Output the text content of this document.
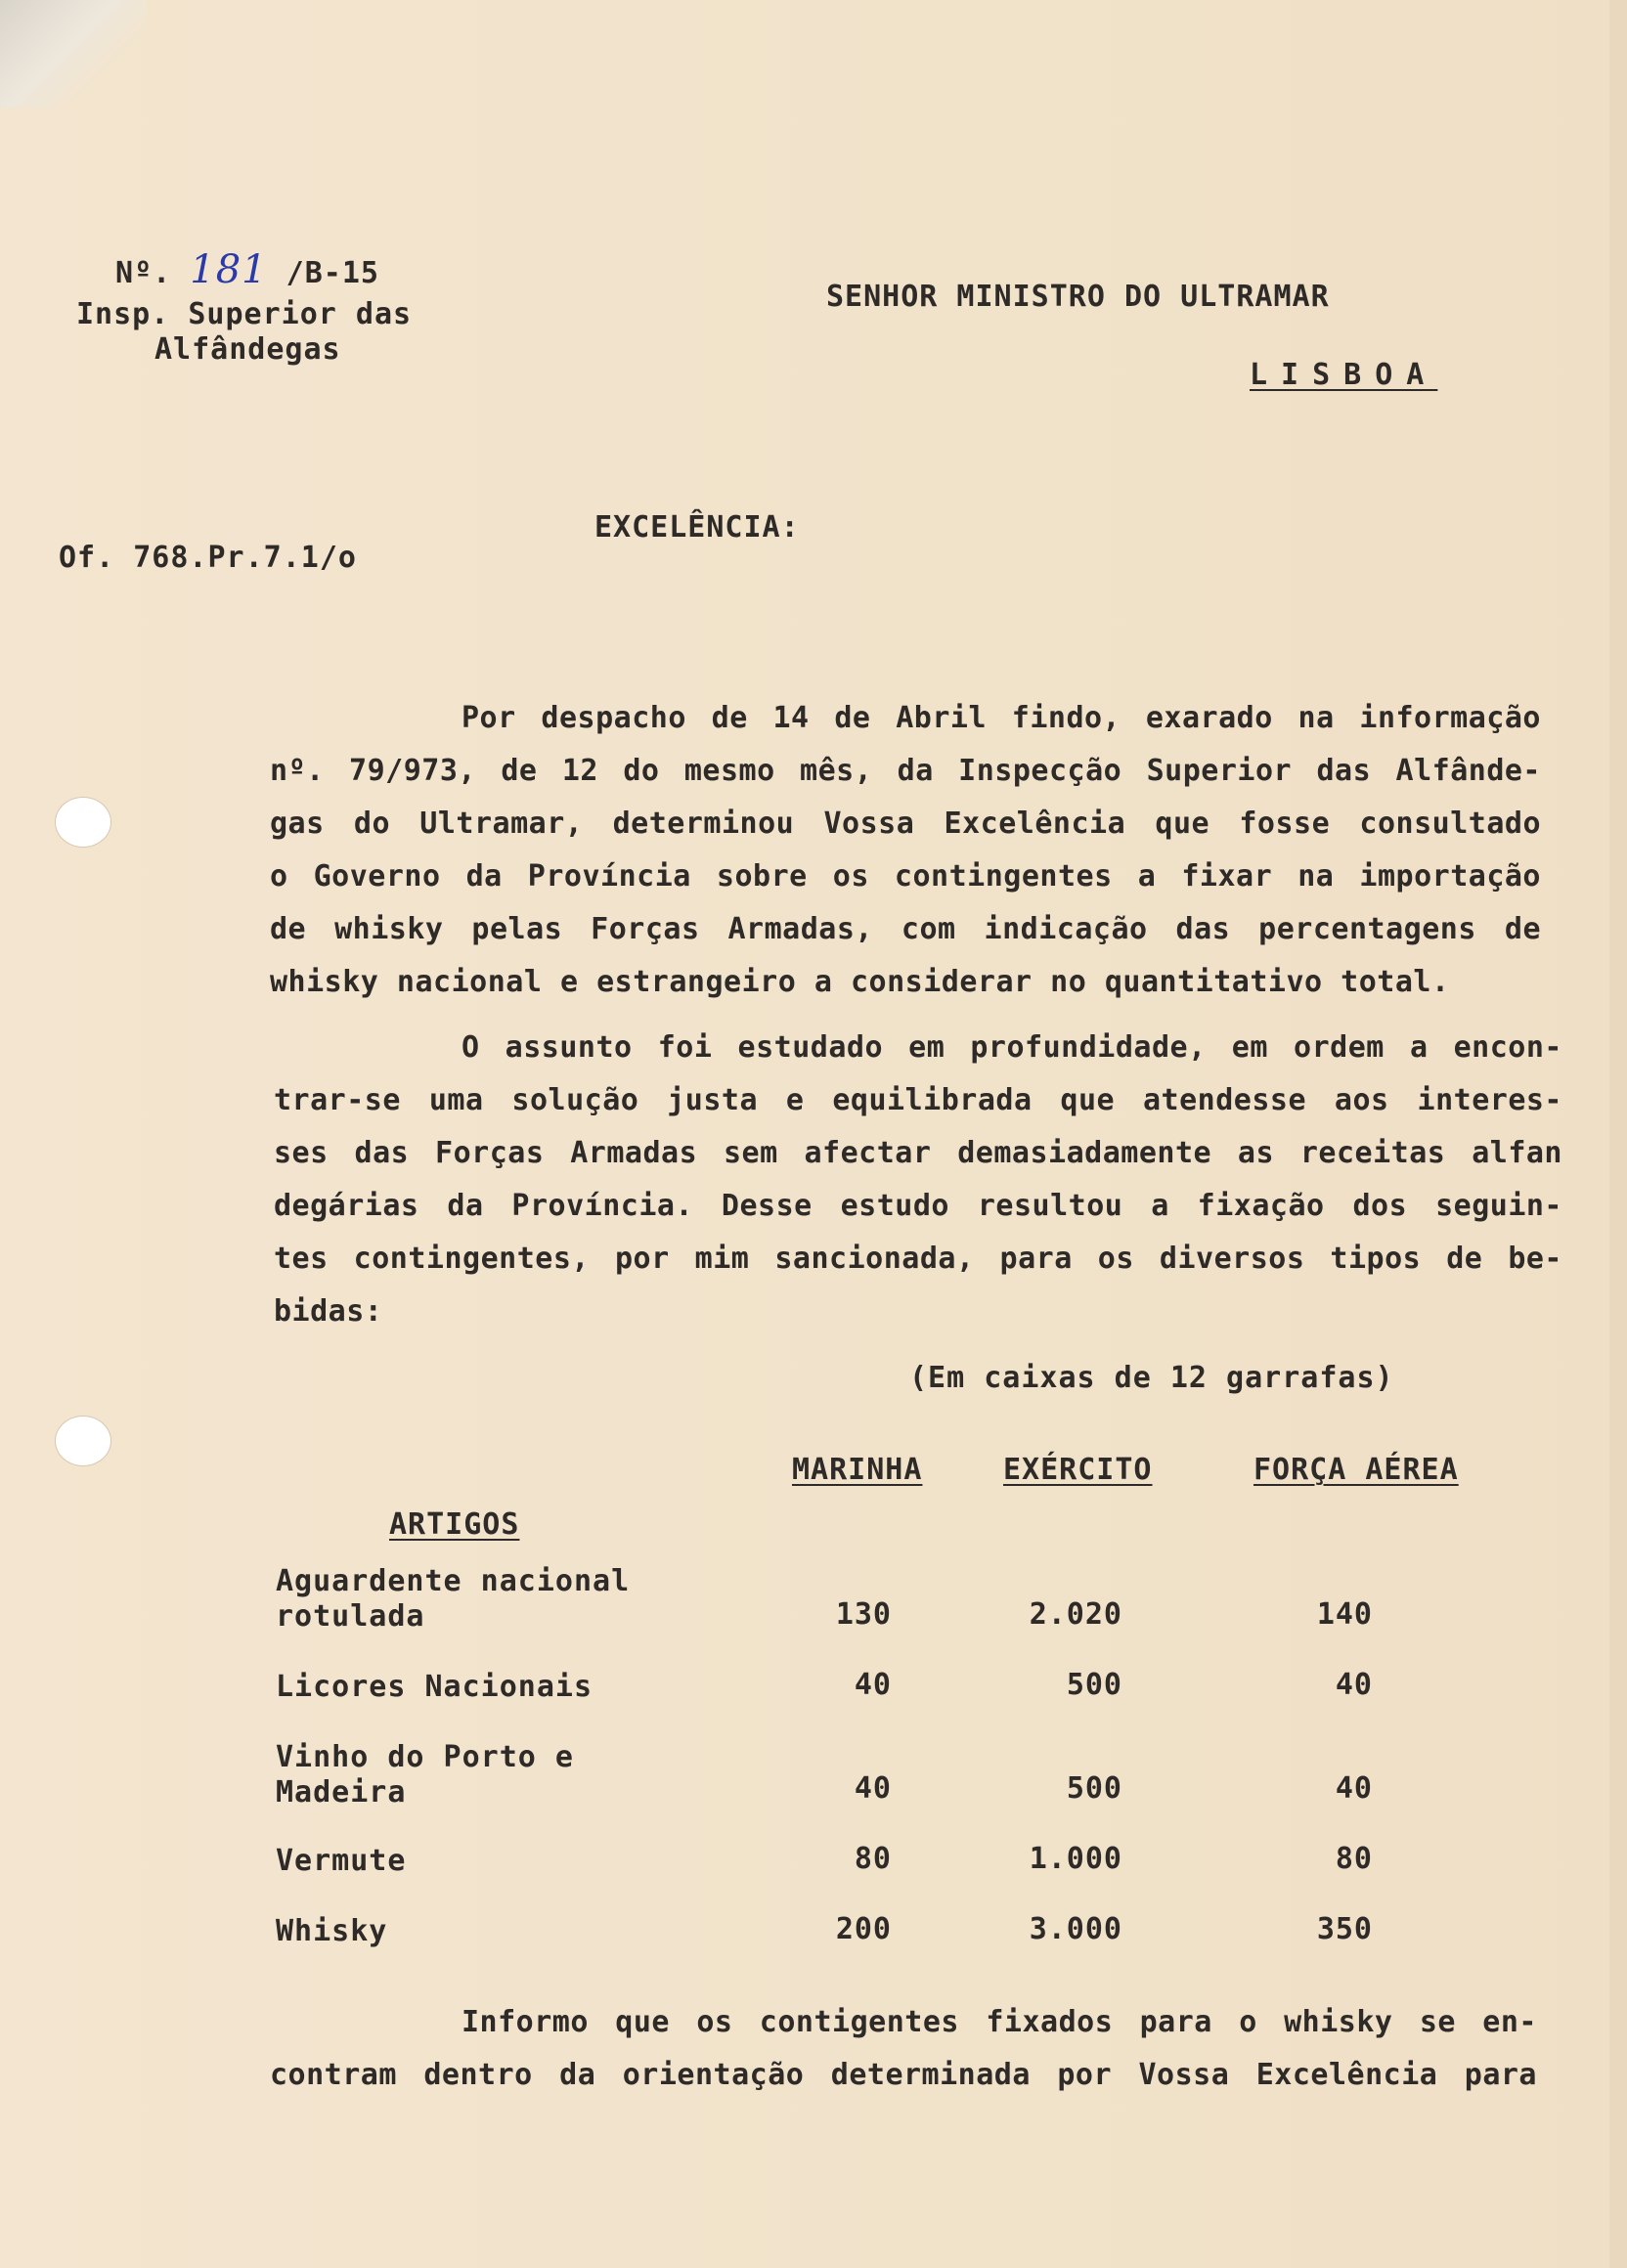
Nº. 181 /B-15
Insp. Superior das
Alfândegas
Of. 768.Pr.7.1/o
SENHOR MINISTRO DO ULTRAMAR
LISBOA
EXCELÊNCIA:

Por despacho de 14 de Abril findo, exarado na informação

nº. 79/973, de 12 do mesmo mês, da Inspecção Superior das Alfânde-

gas do Ultramar, determinou Vossa Excelência que fosse consultado

o Governo da Província sobre os contingentes a fixar na importação

de whisky pelas Forças Armadas, com indicação das percentagens de

whisky nacional e estrangeiro a considerar no quantitativo total.

O assunto foi estudado em profundidade, em ordem a encon-

trar-se uma solução justa e equilibrada que atendesse aos interes-

ses das Forças Armadas sem afectar demasiadamente as receitas alfan

degárias da Província. Desse estudo resultou a fixação dos seguin-

tes contingentes, por mim sancionada, para os diversos tipos de be-

bidas:

(Em caixas de 12 garrafas)
MARINHA	EXÉRCITO	FORÇA AÉREA
ARTIGOS
Aguardente nacional
rotulada	130	2.020	140
Licores Nacionais	40	500	40
Vinho do Porto e
Madeira	40	500	40
Vermute	80	1.000	80
Whisky	200	3.000	350

Informo que os contigentes fixados para o whisky se en-

contram dentro da orientação determinada por Vossa Excelência para
